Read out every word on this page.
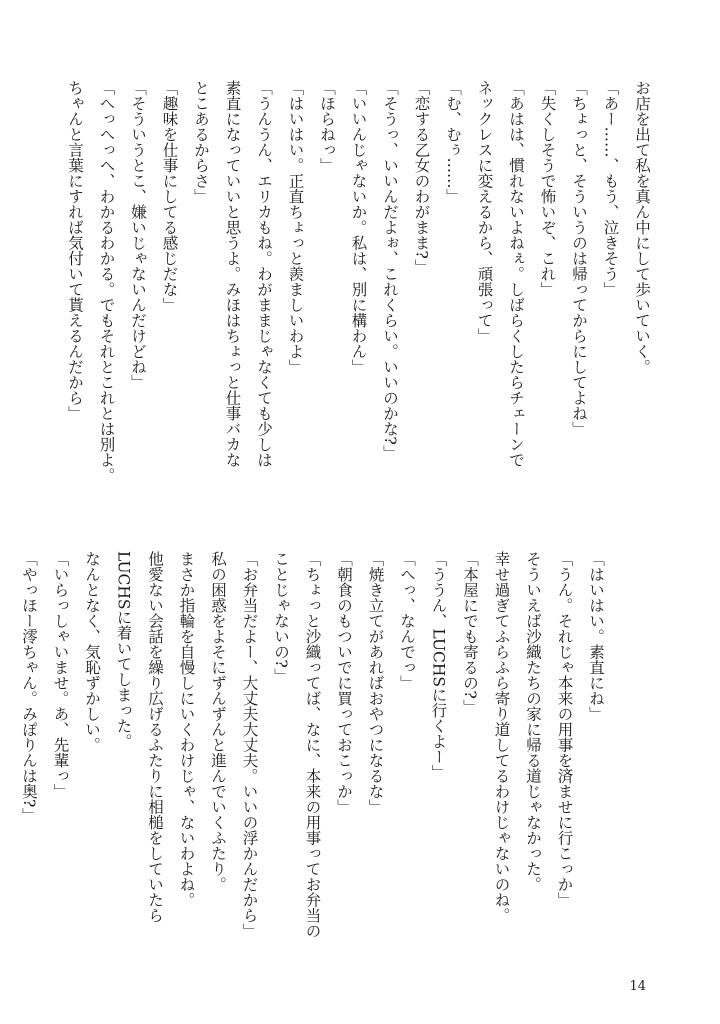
お店を出て私を真ん中にして歩いていく。
「あー……、もう、泣きそう」
「ちょっと、そういうのは帰ってからにしてよね」
「失くしそうで怖いぞ、これ」
「あはは、慣れないよねぇ。しばらくしたらチェーンで
ネックレスに変えるから、頑張って」
「む、むぅ……」
「恋する乙女のわがまま?」
「そうっ、いいんだよぉ、これくらい。いいのかな?」
「いいんじゃないか。私は、別に構わん」
「ほらねっ」
「はいはい。正直ちょっと羨ましいわよ」
「うんうん、エリカもね。わがままじゃなくても少しは
素直になっていいと思うよ。みほはちょっと仕事バカな
とこあるからさ」
「趣味を仕事にしてる感じだな」
「そういうとこ、嫌いじゃないんだけどね」
「へっへっへ、わかるわかる。でもそれとこれとは別よ。
ちゃんと言葉にすれば気付いて貰えるんだから」
「はいはい。素直にね」
「うん。それじゃ本来の用事を済ませに行こっか」
そういえば沙織たちの家に帰る道じゃなかった。
幸せ過ぎてふらふら寄り道してるわけじゃないのね。
「本屋にでも寄るの?」
「ううん、LUCHSに行くよー」
「へっ、なんでっ」
「焼き立てがあればおやつになるな」
「朝食のもついでに買っておこっか」
「ちょっと沙織ってば、なに、本来の用事ってお弁当の
ことじゃないの?」
「お弁当だよー、大丈夫大丈夫。いいの浮かんだから」
私の困惑をよそにずんずんと進んでいくふたり。
まさか指輪を自慢しにいくわけじゃ、ないわよね。
他愛ない会話を繰り広げるふたりに相槌をしていたら
LUCHSに着いてしまった。
なんとなく、気恥ずかしい。
「いらっしゃいませ。あ、先輩っ」
「やっほー澪ちゃん。みぽりんは奥?」
14
